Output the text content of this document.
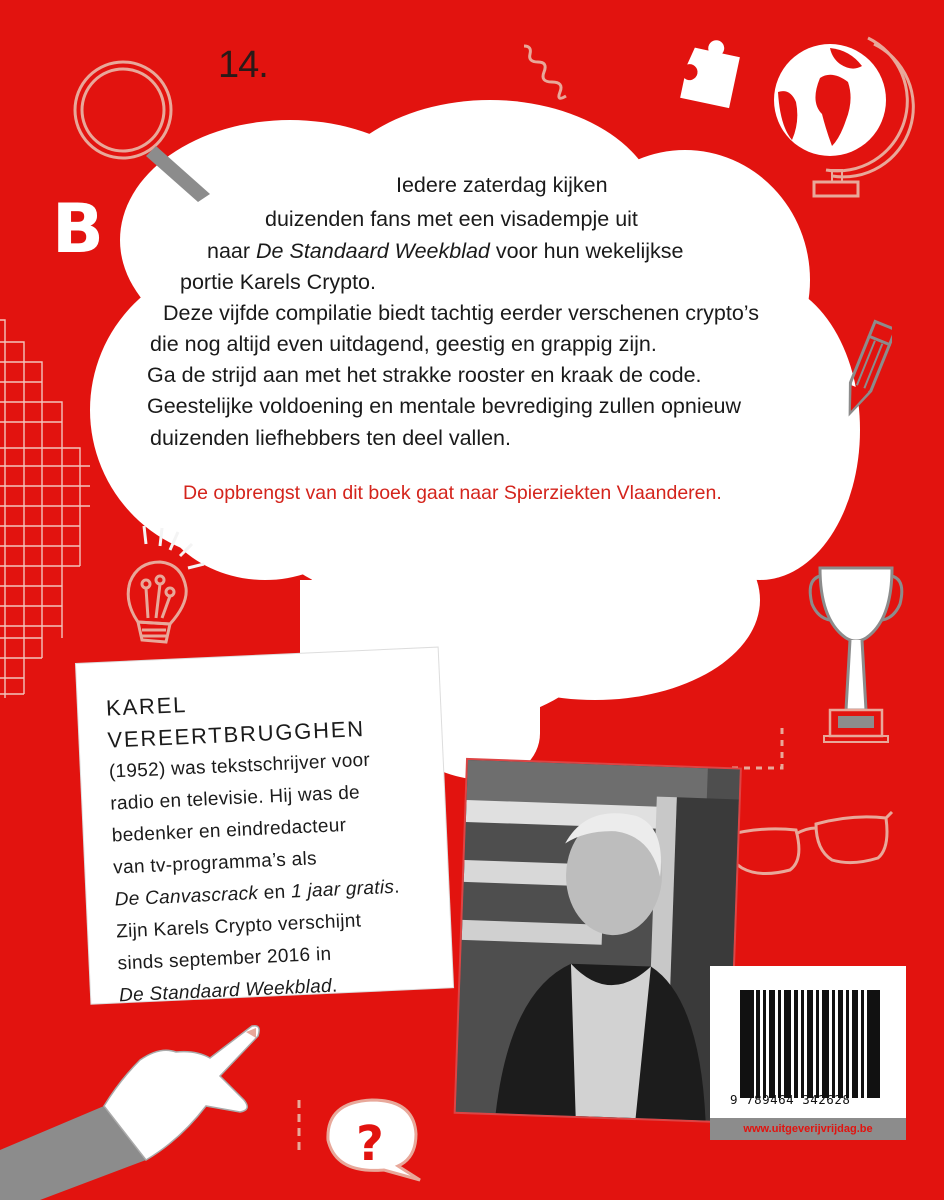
14.
B
Iedere zaterdag kijken
duizenden fans met een visadempje uit
naar De Standaard Weekblad voor hun wekelijkse
portie Karels Crypto.
Deze vijfde compilatie biedt tachtig eerder verschenen crypto’s
die nog altijd even uitdagend, geestig en grappig zijn.
Ga de strijd aan met het strakke rooster en kraak de code.
Geestelijke voldoening en mentale bevrediging zullen opnieuw
duizenden liefhebbers ten deel vallen.
De opbrengst van dit boek gaat naar Spierziekten Vlaanderen.
?
KAREL VEREERTBRUGGHEN
(1952) was tekstschrijver voor
radio en televisie. Hij was de
bedenker en eindredacteur
van tv-programma’s als
De Canvascrack en 1 jaar gratis.
Zijn Karels Crypto verschijnt
sinds september 2016 in
De Standaard Weekblad.
?
9 789464 342628
www.uitgeverijvrijdag.be
